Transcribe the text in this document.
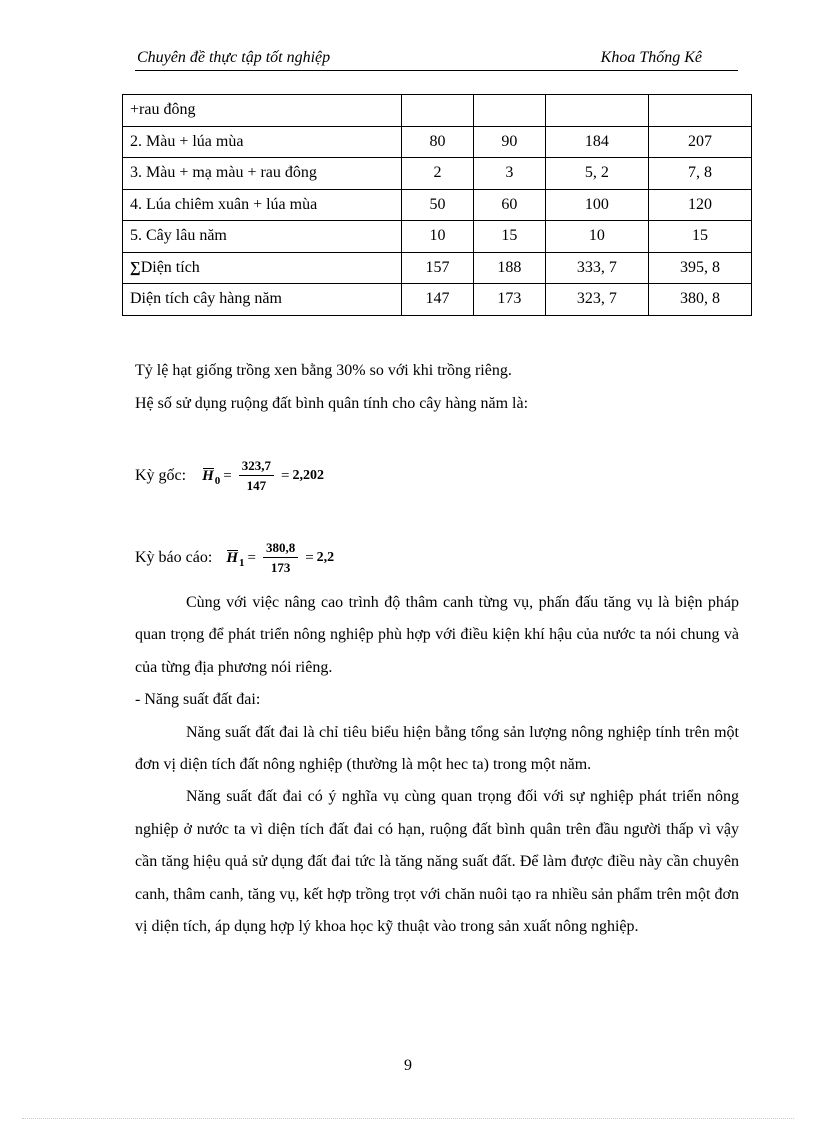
Chuyên đề thực tập tốt nghiệp	Khoa Thống Kê
+rau đông				
2. Màu + lúa mùa	80	90	184	207
3. Màu + mạ màu + rau đông	2	3	5, 2	7, 8
4. Lúa chiêm xuân + lúa mùa	50	60	100	120
5. Cây lâu năm	10	15	10	15
∑Diện tích	157	188	333, 7	395, 8
Diện tích cây hàng năm	147	173	323, 7	380, 8
Tỷ lệ hạt giống trồng xen bằng 30% so với khi trồng riêng.
Hệ số sử dụng ruộng đất bình quân tính cho cây hàng năm là:
Kỳ gốc: H $0 = \frac{323,7}{147} = 2,202$
Kỳ báo cáo: H $1 = \frac{380,8}{173} = 2,2$

Cùng với việc nâng cao trình độ thâm canh từng vụ, phấn đấu tăng vụ là biện pháp quan trọng để phát triển nông nghiệp phù hợp với điều kiện khí hậu của nước ta nói chung và của từng địa phương nói riêng.

- Năng suất đất đai:

Năng suất đất đai là chỉ tiêu biểu hiện bằng tổng sản lượng nông nghiệp tính trên một đơn vị diện tích đất nông nghiệp (thường là một hec ta) trong một năm.

Năng suất đất đai có ý nghĩa vụ cùng quan trọng đối với sự nghiệp phát triển nông nghiệp ở nước ta vì diện tích đất đai có hạn, ruộng đất bình quân trên đầu người thấp vì vậy cần tăng hiệu quả sử dụng đất đai tức là tăng năng suất đất. Để làm được điều này cần chuyên canh, thâm canh, tăng vụ, kết hợp trồng trọt với chăn nuôi tạo ra nhiều sản phẩm trên một đơn vị diện tích, áp dụng hợp lý khoa học kỹ thuật vào trong sản xuất nông nghiệp.

9
